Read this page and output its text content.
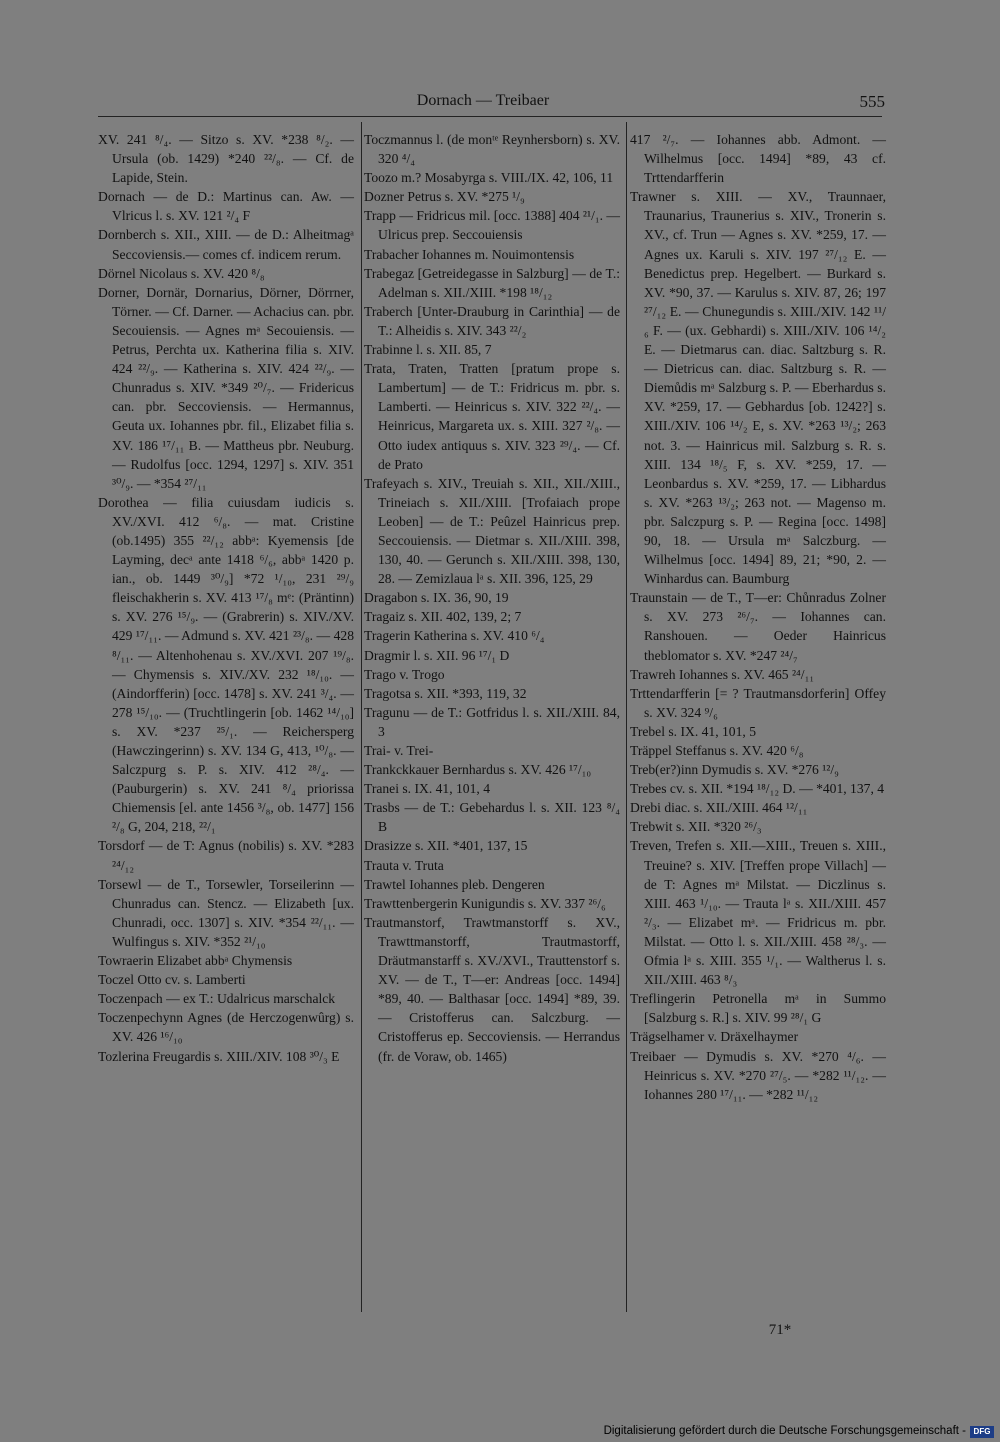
Dornach — Treibaer	555

XV. 241 ⁸/₄. — Sitzo s. XV. *238 ⁸/₂. — Ursula (ob. 1429) *240 ²²/₈. — Cf. de Lapide, Stein.

Dornach — de D.: Martinus can. Aw. — Vlricus l. s. XV. 121 ²/₄ F

Dornberch s. XII., XIII. — de D.: Alheitmagᵃ Seccoviensis.— comes cf. indicem rerum.

Dörnel Nicolaus s. XV. 420 ⁸/₈

Dorner, Dornär, Dornarius, Dörner, Dörrner, Törner. — Cf. Darner. — Achacius can. pbr. Secouiensis. — Agnes mᵃ Secouiensis. — Petrus, Perchta ux. Katherina filia s. XIV. 424 ²²/₉. — Katherina s. XIV. 424 ²²/₉. — Chunradus s. XIV. *349 ²⁰/₇. — Fridericus can. pbr. Seccoviensis. — Hermannus, Geuta ux. Iohannes pbr. fil., Elizabet filia s. XV. 186 ¹⁷/₁₁ B. — Mattheus pbr. Neuburg. — Rudolfus [occ. 1294, 1297] s. XIV. 351 ³⁰/₉. — *354 ²⁷/₁₁

Dorothea — filia cuiusdam iudicis s. XV./XVI. 412 ⁶/₈. — mat. Cristine (ob.1495) 355 ²²/₁₂ abbᵃ: Kyemensis [de Layming, decᵃ ante 1418 ⁶/₆, abbᵃ 1420 p. ian., ob. 1449 ³⁰/₉] *72 ¹/₁₀, 231 ²⁹/₉ fleischakherin s. XV. 413 ¹⁷/₈ mᵉ: (Präntinn) s. XV. 276 ¹⁵/₉. — (Grabrerin) s. XIV./XV. 429 ¹⁷/₁₁. — Admund s. XV. 421 ²³/₈. — 428 ⁸/₁₁. — Altenhohenau s. XV./XVI. 207 ¹⁹/₈. — Chymensis s. XIV./XV. 232 ¹⁸/₁₀. — (Aindorfferin) [occ. 1478] s. XV. 241 ³/₄. — 278 ¹⁵/₁₀. — (Truchtlingerin [ob. 1462 ¹⁴/₁₀] s. XV. *237 ²⁵/₁. — Reichersperg (Hawczingerinn) s. XV. 134 G, 413, ¹⁰/₈. — Salczpurg s. P. s. XIV. 412 ²⁸/₄. — (Pauburgerin) s. XV. 241 ⁸/₄ priorissa Chiemensis [el. ante 1456 ³/₈, ob. 1477] 156 ²/₈ G, 204, 218, ²²/₁

Torsdorf — de T: Agnus (nobilis) s. XV. *283 ²⁴/₁₂

Torsewl — de T., Torsewler, Torseilerinn — Chunradus can. Stencz. — Elizabeth [ux. Chunradi, occ. 1307] s. XIV. *354 ²²/₁₁. — Wulfingus s. XIV. *352 ²¹/₁₀

Towraerin Elizabet abbᵃ Chymensis

Toczel Otto cv. s. Lamberti

Toczenpach — ex T.: Udalricus marschalck

Toczenpechynn Agnes (de Herczogenwûrg) s. XV. 426 ¹⁶/₁₀

Tozlerina Freugardis s. XIII./XIV. 108 ³⁰/₃ E

Toczmannus l. (de monᵗᵉ Reynhersborn) s. XV. 320 ⁴/₄

Toozo m.? Mosabyrga s. VIII./IX. 42, 106, 11

Dozner Petrus s. XV. *275 ¹/₉

Trapp — Fridricus mil. [occ. 1388] 404 ²¹/₁. — Ulricus prep. Seccouiensis

Trabacher Iohannes m. Nouimontensis

Trabegaz [Getreidegasse in Salzburg] — de T.: Adelman s. XII./XIII. *198 ¹⁸/₁₂

Traberch [Unter-Drauburg in Carinthia] — de T.: Alheidis s. XIV. 343 ²²/₂

Trabinne l. s. XII. 85, 7

Trata, Traten, Tratten [pratum prope s. Lambertum] — de T.: Fridricus m. pbr. s. Lamberti. — Heinricus s. XIV. 322 ²²/₄. — Heinricus, Margareta ux. s. XIII. 327 ²/₈. — Otto iudex antiquus s. XIV. 323 ²⁹/₄. — Cf. de Prato

Trafeyach s. XIV., Treuiah s. XII., XII./XIII., Trineiach s. XII./XIII. [Trofaiach prope Leoben] — de T.: Peûzel Hainricus prep. Seccouiensis. — Dietmar s. XII./XIII. 398, 130, 40. — Gerunch s. XII./XIII. 398, 130, 28. — Zemizlaua lᵃ s. XII. 396, 125, 29

Dragabon s. IX. 36, 90, 19

Tragaiz s. XII. 402, 139, 2; 7

Tragerin Katherina s. XV. 410 ⁶/₄

Dragmir l. s. XII. 96 ¹⁷/₁ D

Trago v. Trogo

Tragotsa s. XII. *393, 119, 32

Tragunu — de T.: Gotfridus l. s. XII./XIII. 84, 3

Trai- v. Trei-

Trankckkauer Bernhardus s. XV. 426 ¹⁷/₁₀

Tranei s. IX. 41, 101, 4

Trasbs — de T.: Gebehardus l. s. XII. 123 ⁸/₄ B

Drasizze s. XII. *401, 137, 15

Trauta v. Truta

Trawtel Iohannes pleb. Dengeren

Trawttenbergerin Kunigundis s. XV. 337 ²⁶/₆

Trautmanstorf, Trawtmanstorff s. XV., Trawttmanstorff, Trautmastorff, Dräutmanstarff s. XV./XVI., Trauttenstorf s. XV. — de T., T—er: Andreas [occ. 1494] *89, 40. — Balthasar [occ. 1494] *89, 39. — Cristofferus can. Salczburg. — Cristofferus ep. Seccoviensis. — Herrandus (fr. de Voraw, ob. 1465)

417 ²/₇. — Iohannes abb. Admont. — Wilhelmus [occ. 1494] *89, 43 cf. Trttendarfferin

Trawner s. XIII. — XV., Traunnaer, Traunarius, Traunerius s. XIV., Tronerin s. XV., cf. Trun — Agnes s. XV. *259, 17. — Agnes ux. Karuli s. XIV. 197 ²⁷/₁₂ E. — Benedictus prep. Hegelbert. — Burkard s. XV. *90, 37. — Karulus s. XIV. 87, 26; 197 ²⁷/₁₂ E. — Chunegundis s. XIII./XIV. 142 ¹¹/₆ F. — (ux. Gebhardi) s. XIII./XIV. 106 ¹⁴/₂ E. — Dietmarus can. diac. Saltzburg s. R. — Dietricus can. diac. Saltzburg s. R. — Diemůdis mᵃ Salzburg s. P. — Eberhardus s. XV. *259, 17. — Gebhardus [ob. 1242?] s. XIII./XIV. 106 ¹⁴/₂ E, s. XV. *263 ¹³/₂; 263 not. 3. — Hainricus mil. Salzburg s. R. s. XIII. 134 ¹⁸/₅ F, s. XV. *259, 17. — Leonbardus s. XV. *259, 17. — Libhardus s. XV. *263 ¹³/₂; 263 not. — Magenso m. pbr. Salczpurg s. P. — Regina [occ. 1498] 90, 18. — Ursula mᵃ Salczburg. — Wilhelmus [occ. 1494] 89, 21; *90, 2. — Winhardus can. Baumburg

Traunstain — de T., T—er: Chůnradus Zolner s. XV. 273 ²⁶/₇. — Iohannes can. Ranshouen. — Oeder Hainricus theblomator s. XV. *247 ²⁴/₇

Trawreh Iohannes s. XV. 465 ²⁴/₁₁

Trttendarfferin [= ? Trautmansdorferin] Offey s. XV. 324 ⁹/₆

Trebel s. IX. 41, 101, 5

Träppel Steffanus s. XV. 420 ⁶/₈

Treb(er?)inn Dymudis s. XV. *276 ¹²/₉

Trebes cv. s. XII. *194 ¹⁸/₁₂ D. — *401, 137, 4

Drebi diac. s. XII./XIII. 464 ¹²/₁₁

Trebwit s. XII. *320 ²⁶/₃

Treven, Trefen s. XII.—XIII., Treuen s. XIII., Treuine? s. XIV. [Treffen prope Villach] — de T: Agnes mᵃ Milstat. — Diczlinus s. XIII. 463 ¹/₁₀. — Trauta lᵃ s. XII./XIII. 457 ²/₃. — Elizabet mᵃ. — Fridricus m. pbr. Milstat. — Otto l. s. XII./XIII. 458 ²⁸/₃. — Ofmia lᵃ s. XIII. 355 ¹/₁. — Waltherus l. s. XII./XIII. 463 ⁸/₃

Treflingerin Petronella mᵃ in Summo [Salzburg s. R.] s. XIV. 99 ²⁸/₁ G

Trägselhamer v. Dräxelhaymer

Treibaer — Dymudis s. XV. *270 ⁴/₆. — Heinricus s. XV. *270 ²⁷/₅. — *282 ¹¹/₁₂. — Iohannes 280 ¹⁷/₁₁. — *282 ¹¹/₁₂

71*
Digitalisierung gefördert durch die Deutsche Forschungsgemeinschaft - DFG
